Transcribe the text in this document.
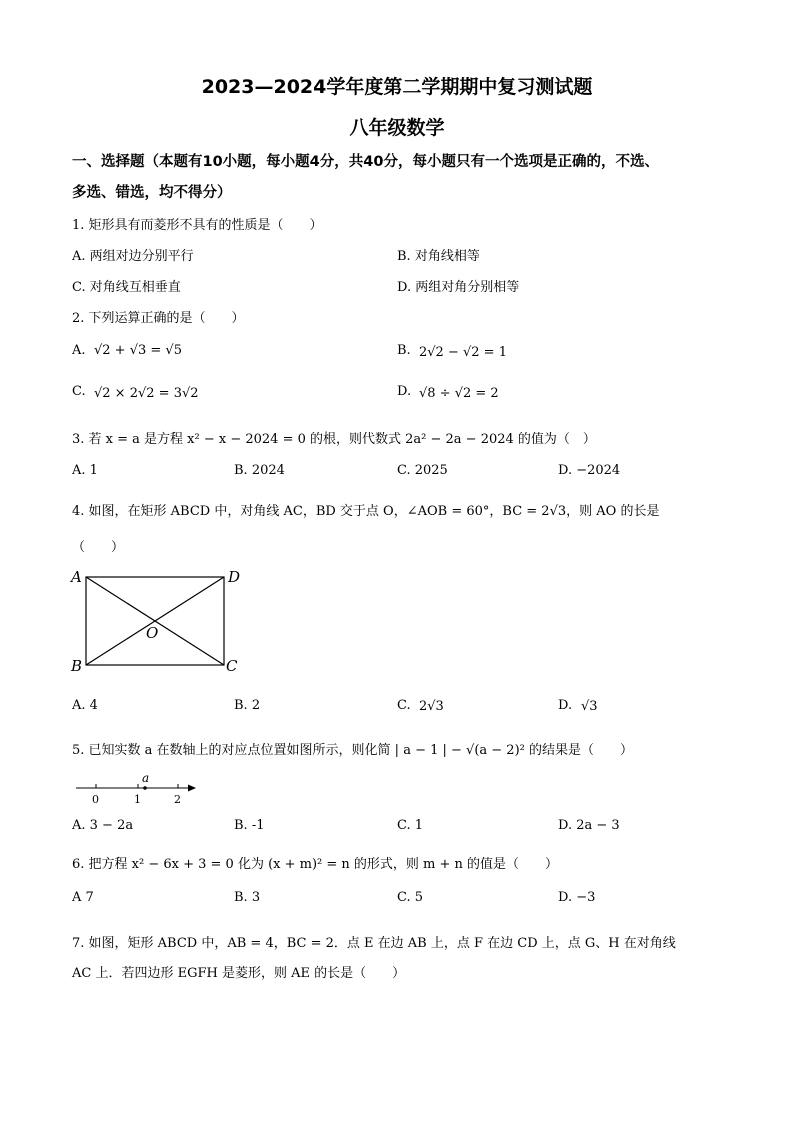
2023—2024学年度第二学期期中复习测试题
八年级数学
一、选择题（本题有10小题，每小题4分，共40分，每小题只有一个选项是正确的，不选、
多选、错选，均不得分）
1. 矩形具有而菱形不具有的性质是（　　）
A. 两组对边分别平行	B. 对角线相等
C. 对角线互相垂直	D. 两组对角分别相等
2. 下列运算正确的是（　　）
A. √2 + √3 = √5	B. 2√2 − √2 = 1
C. √2 × 2√2 = 3√2	D. √8 ÷ √2 = 2
3. 若 x = a 是方程 x² − x − 2024 = 0 的根，则代数式 2a² − 2a − 2024 的值为（　）
A. 1	B. 2024	C. 2025	D. −2024
4. 如图，在矩形 ABCD 中，对角线 AC，BD 交于点 O，∠AOB = 60°，BC = 2√3，则 AO 的长是
（　　）
A	D
B	C
O
A. 4	B. 2	C. 2√3	D. √3
5. 已知实数 a 在数轴上的对应点位置如图所示，则化简 | a − 1 | − √(a − 2)² 的结果是（　　）
a
0	1	2
A. 3 − 2a	B. -1	C. 1	D. 2a − 3
6. 把方程 x² − 6x + 3 = 0 化为 (x + m)² = n 的形式，则 m + n 的值是（　　）
A 7	B. 3	C. 5	D. −3
7. 如图，矩形 ABCD 中，AB = 4，BC = 2．点 E 在边 AB 上，点 F 在边 CD 上，点 G、H 在对角线
AC 上．若四边形 EGFH 是菱形，则 AE 的长是（　　）
